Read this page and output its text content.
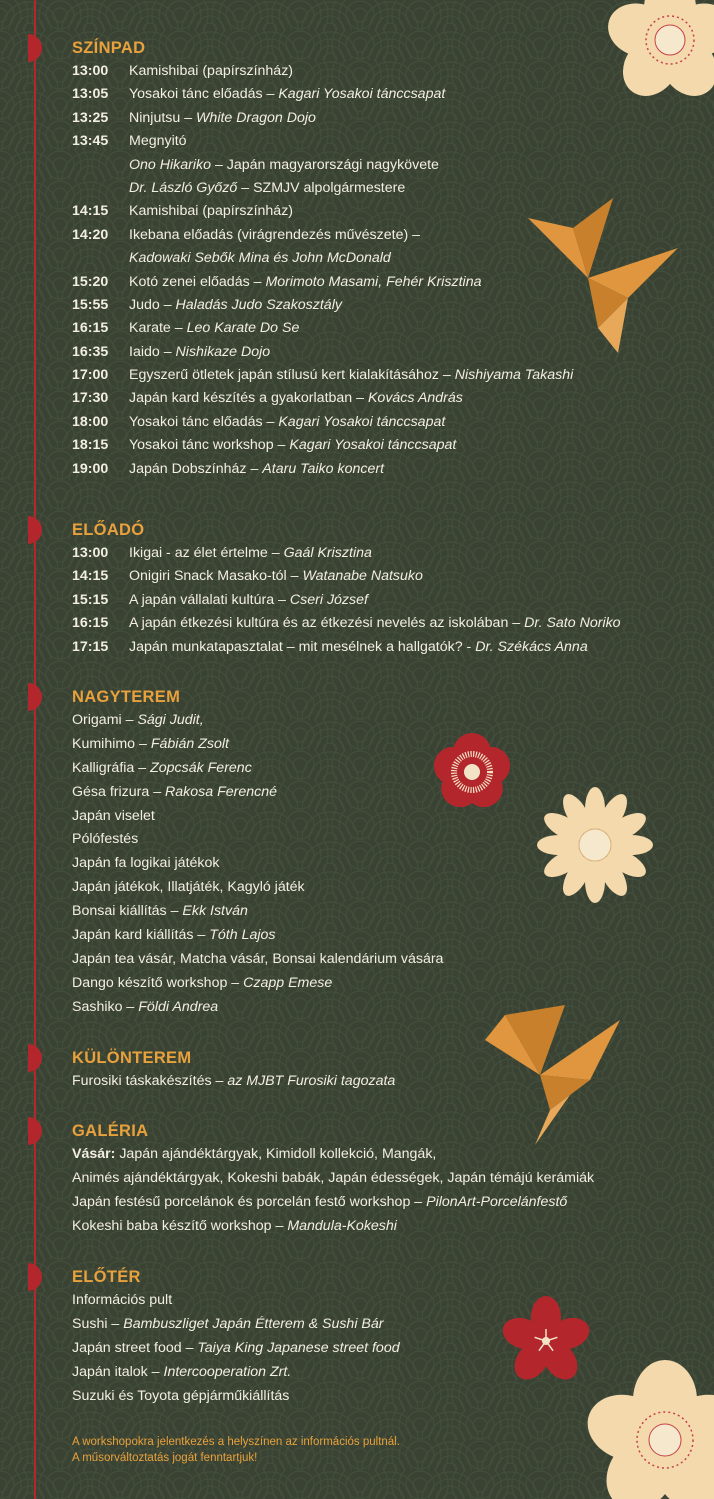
SZÍNPAD
13:00	Kamishibai (papírszínház)
13:05	Yosakoi tánc előadás – Kagari Yosakoi tánccsapat
13:25	Ninjutsu – White Dragon Dojo
13:45	Megnyitó
Ono Hikariko – Japán magyarországi nagykövete
Dr. László Győző – SZMJV alpolgármestere
14:15	Kamishibai (papírszínház)
14:20	Ikebana előadás (virágrendezés művészete) –
Kadowaki Sebők Mina és John McDonald
15:20	Kotó zenei előadás – Morimoto Masami, Fehér Krisztina
15:55	Judo – Haladás Judo Szakosztály
16:15	Karate – Leo Karate Do Se
16:35	Iaido – Nishikaze Dojo
17:00	Egyszerű ötletek japán stílusú kert kialakításához – Nishiyama Takashi
17:30	Japán kard készítés a gyakorlatban – Kovács András
18:00	Yosakoi tánc előadás – Kagari Yosakoi tánccsapat
18:15	Yosakoi tánc workshop – Kagari Yosakoi tánccsapat
19:00	Japán Dobszínház – Ataru Taiko koncert
ELŐADÓ
13:00	Ikigai - az élet értelme – Gaál Krisztina
14:15	Onigiri Snack Masako-tól – Watanabe Natsuko
15:15	A japán vállalati kultúra – Cseri József
16:15	A japán étkezési kultúra és az étkezési nevelés az iskolában – Dr. Sato Noriko
17:15	Japán munkatapasztalat – mit mesélnek a hallgatók? - Dr. Székács Anna
NAGYTEREM
Origami – Sági Judit,
Kumihimo – Fábián Zsolt
Kalligráfia – Zopcsák Ferenc
Gésa frizura – Rakosa Ferencné
Japán viselet
Pólófestés
Japán fa logikai játékok
Japán játékok, Illatjáték, Kagyló játék
Bonsai kiállítás – Ekk István
Japán kard kiállítás – Tóth Lajos
Japán tea vásár, Matcha vásár, Bonsai kalendárium vására
Dango készítő workshop – Czapp Emese
Sashiko – Földi Andrea
KÜLÖNTEREM
Furosiki táskakészítés – az MJBT Furosiki tagozata
GALÉRIA
Vásár: Japán ajándéktárgyak, Kimidoll kollekció, Mangák,
Animés ajándéktárgyak, Kokeshi babák, Japán édességek, Japán témájú kerámiák
Japán festésű porcelánok és porcelán festő workshop – PilonArt-Porcelánfestő
Kokeshi baba készítő workshop – Mandula-Kokeshi
ELŐTÉR
Információs pult
Sushi – Bambuszliget Japán Étterem & Sushi Bár
Japán street food – Taiya King Japanese street food
Japán italok – Intercooperation Zrt.
Suzuki és Toyota gépjárműkiállítás
A workshopokra jelentkezés a helyszínen az információs pultnál.
A műsorváltoztatás jogát fenntartjuk!
